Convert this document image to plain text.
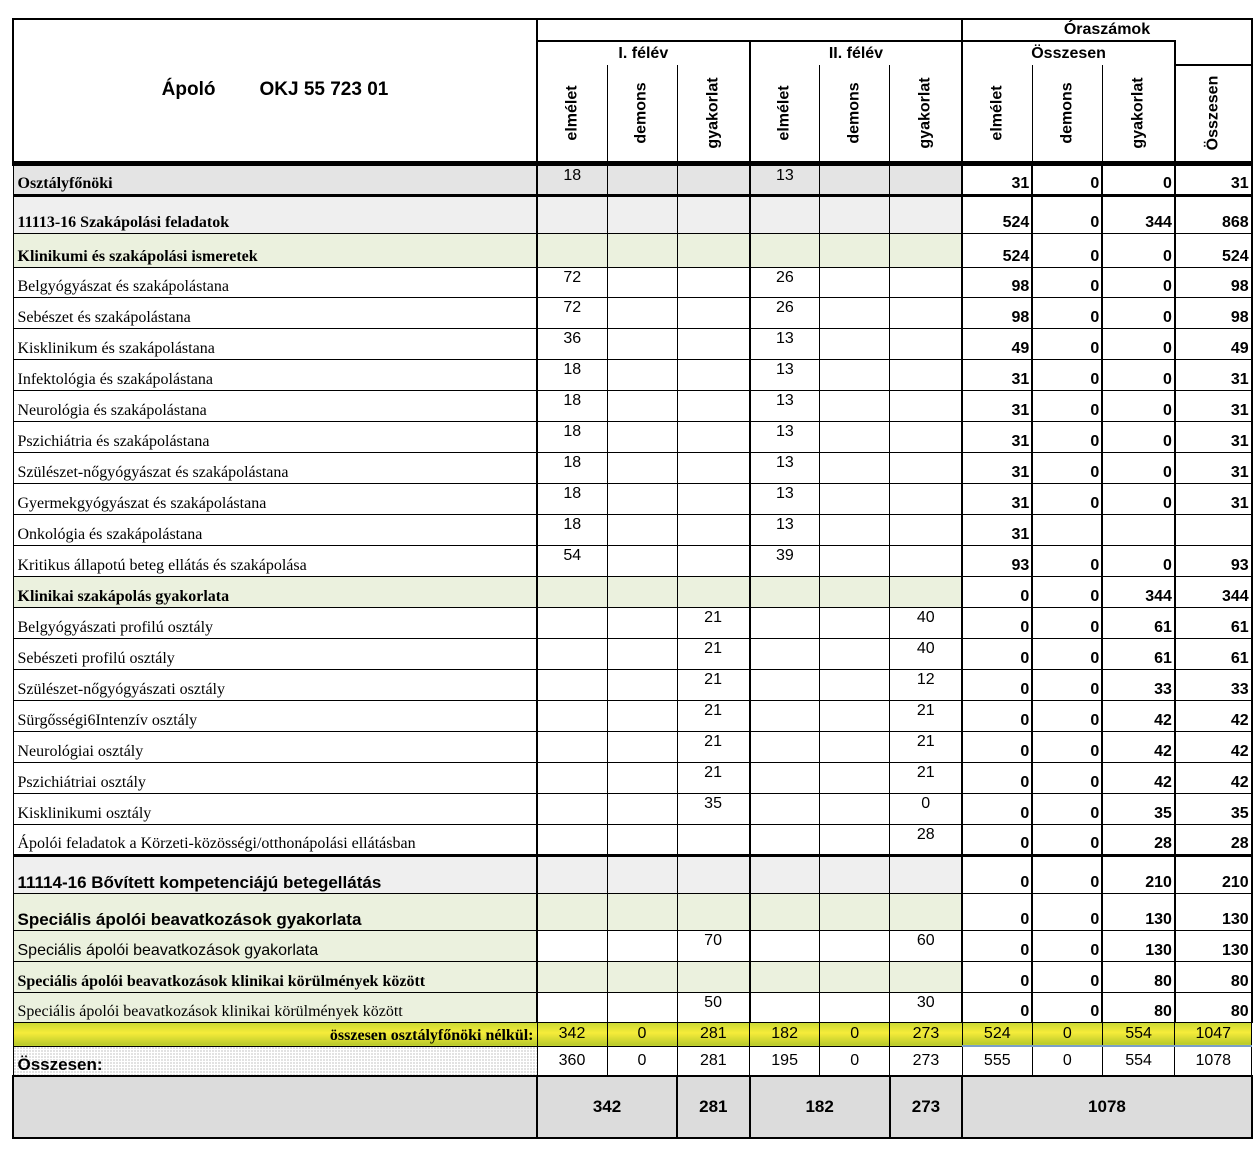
Ápoló OKJ 55 723 01							Óraszámok			
	I. félév			II. félév			Összesen			
	elmélet	demons	gyakorlat	elmélet	demons	gyakorlat	elmélet	demons	gyakorlat	Összesen
Osztályfőnöki	18			13			31	0	0	31
11113-16 Szakápolási feladatok							524	0	344	868
Klinikumi és szakápolási ismeretek							524	0	0	524
Belgyógyászat és szakápolástana	72			26			98	0	0	98
Sebészet és szakápolástana	72			26			98	0	0	98
Kisklinikum és szakápolástana	36			13			49	0	0	49
Infektológia és szakápolástana	18			13			31	0	0	31
Neurológia és szakápolástana	18			13			31	0	0	31
Pszichiátria és szakápolástana	18			13			31	0	0	31
Szülészet-nőgyógyászat és szakápolástana	18			13			31	0	0	31
Gyermekgyógyászat és szakápolástana	18			13			31	0	0	31
Onkológia és szakápolástana	18			13			31			
Kritikus állapotú beteg ellátás és szakápolása	54			39			93	0	0	93
Klinikai szakápolás gyakorlata							0	0	344	344
Belgyógyászati profilú osztály			21			40	0	0	61	61
Sebészeti profilú osztály			21			40	0	0	61	61
Szülészet-nőgyógyászati osztály			21			12	0	0	33	33
Sürgősségi6Intenzív osztály			21			21	0	0	42	42
Neurológiai osztály			21			21	0	0	42	42
Pszichiátriai osztály			21			21	0	0	42	42
Kisklinikumi osztály			35			0	0	0	35	35
Ápolói feladatok a Körzeti-közösségi/otthonápolási ellátásban						28	0	0	28	28
11114-16 Bővített kompetenciájú betegellátás							0	0	210	210
Speciális ápolói beavatkozások gyakorlata							0	0	130	130
Speciális ápolói beavatkozások gyakorlata			70			60	0	0	130	130
Speciális ápolói beavatkozások klinikai körülmények között							0	0	80	80
Speciális ápolói beavatkozások klinikai körülmények között			50			30	0	0	80	80
összesen osztályfőnöki nélkül:	342	0	281	182	0	273	524	0	554	1047
Összesen:	360	0	281	195	0	273	555	0	554	1078
	342		281	182		273	1078			
